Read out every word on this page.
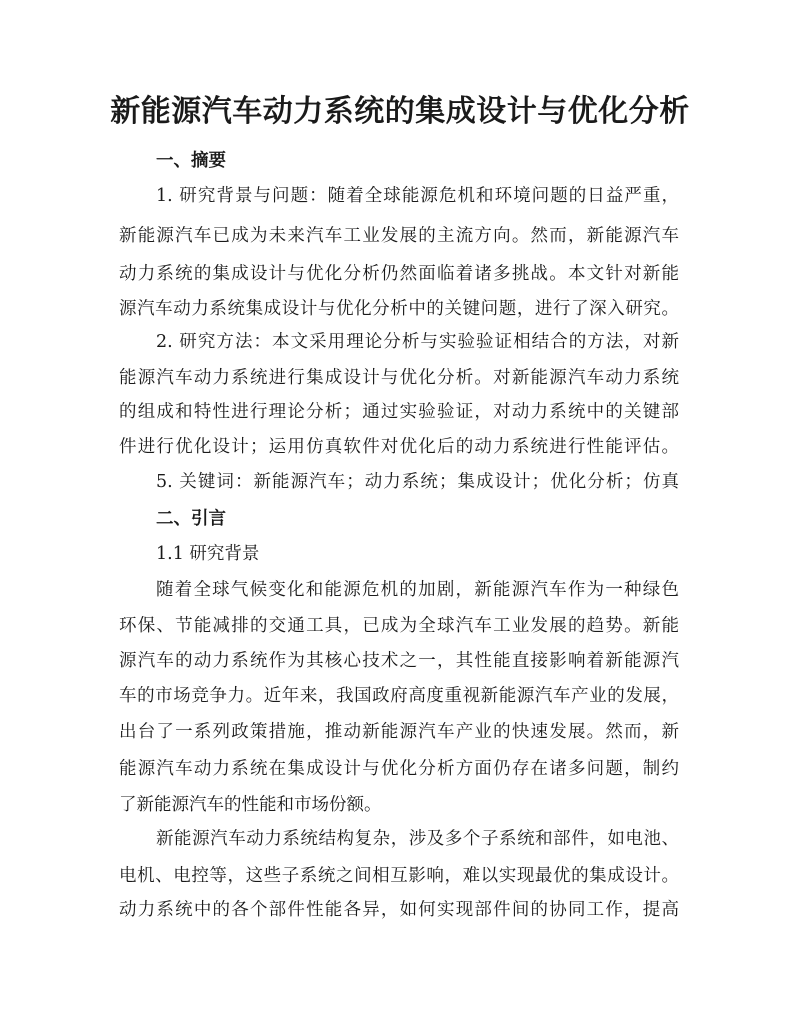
新能源汽车动力系统的集成设计与优化分析
一、摘要
1. 研究背景与问题：随着全球能源危机和环境问题的日益严重，
新能源汽车已成为未来汽车工业发展的主流方向。然而，新能源汽车
动力系统的集成设计与优化分析仍然面临着诸多挑战。本文针对新能
源汽车动力系统集成设计与优化分析中的关键问题，进行了深入研究。
2. 研究方法：本文采用理论分析与实验验证相结合的方法，对新
能源汽车动力系统进行集成设计与优化分析。对新能源汽车动力系统
的组成和特性进行理论分析；通过实验验证，对动力系统中的关键部
件进行优化设计；运用仿真软件对优化后的动力系统进行性能评估。
5. 关键词：新能源汽车；动力系统；集成设计；优化分析；仿真
二、引言
1.1 研究背景
随着全球气候变化和能源危机的加剧，新能源汽车作为一种绿色
环保、节能减排的交通工具，已成为全球汽车工业发展的趋势。新能
源汽车的动力系统作为其核心技术之一，其性能直接影响着新能源汽
车的市场竞争力。近年来，我国政府高度重视新能源汽车产业的发展，
出台了一系列政策措施，推动新能源汽车产业的快速发展。然而，新
能源汽车动力系统在集成设计与优化分析方面仍存在诸多问题，制约
了新能源汽车的性能和市场份额。
新能源汽车动力系统结构复杂，涉及多个子系统和部件，如电池、
电机、电控等，这些子系统之间相互影响，难以实现最优的集成设计。
动力系统中的各个部件性能各异，如何实现部件间的协同工作，提高
